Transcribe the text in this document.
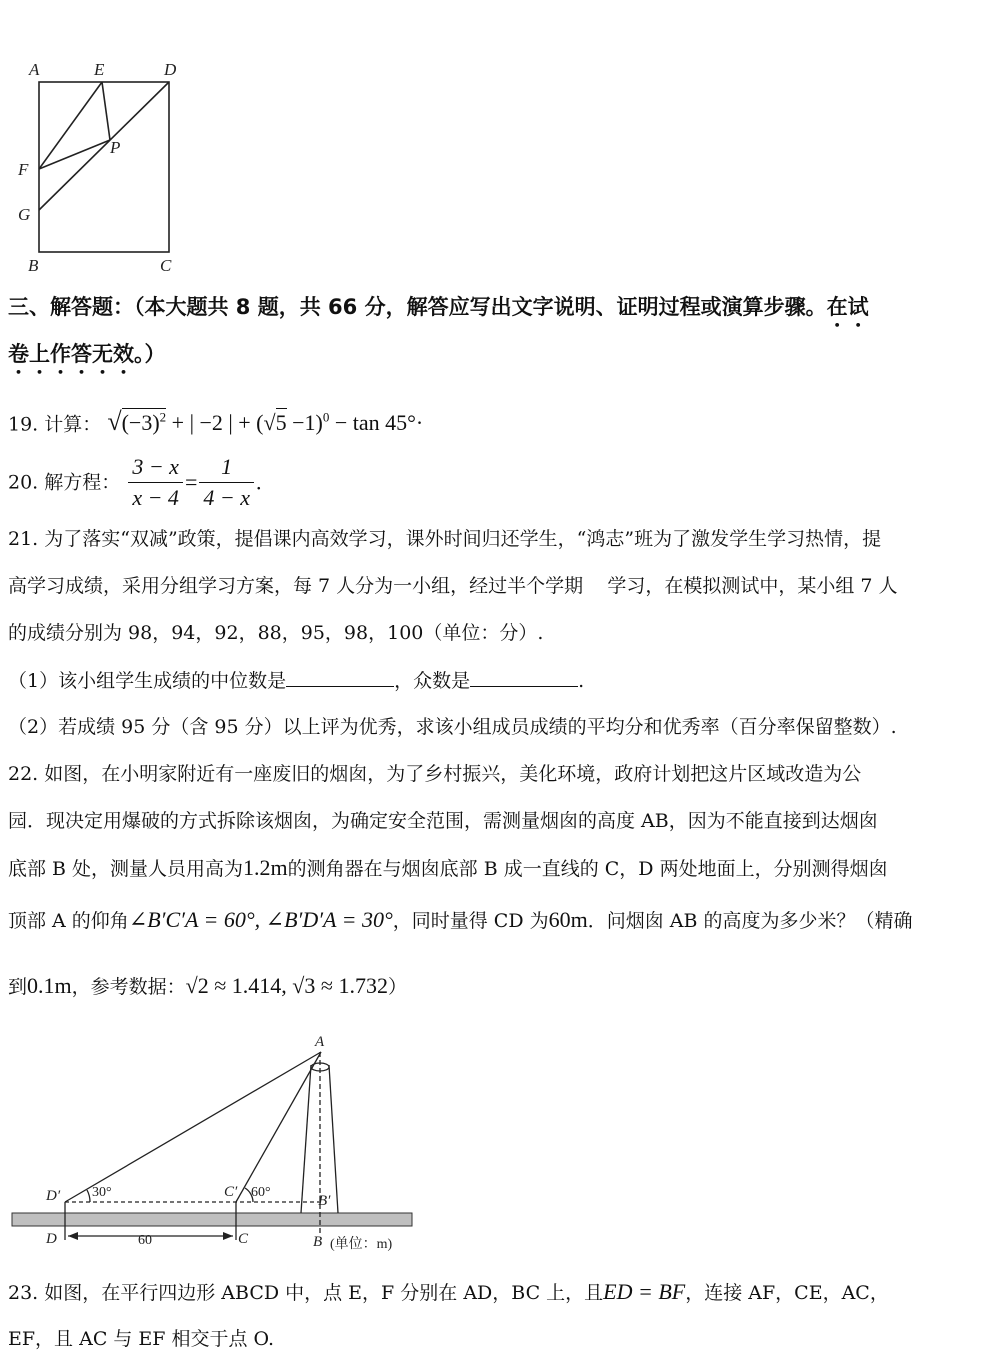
A	E	D
F
P
G
B	C
三、解答题：（本大题共 8 题，共 66 分，解答应写出文字说明、证明过程或演算步骤。在试
卷上作答无效。）
19. 计算： $√(-3)^2$ + | −2 | + $(√5 -1)^0 - \tan 45^\circ\cdot$
20. 解方程： $\frac{3 - x}{x - 4} = \frac{1}{4 - x}$ .
21. 为了落实“双减”政策，提倡课内高效学习，课外时间归还学生，“鸿志”班为了激发学生学习热情，提
高学习成绩，采用分组学习方案，每 7 人分为一小组，经过半个学期 学习，在模拟测试中，某小组 7 人
的成绩分别为 98，94，92，88，95，98，100（单位：分）.
（1）该小组学生成绩的中位数是	，众数是	.
（2）若成绩 95 分（含 95 分）以上评为优秀，求该小组成员成绩的平均分和优秀率（百分率保留整数）.
22. 如图，在小明家附近有一座废旧的烟囱，为了乡村振兴，美化环境，政府计划把这片区域改造为公
园．现决定用爆破的方式拆除该烟囱，为确定安全范围，需测量烟囱的高度 AB，因为不能直接到达烟囱
底部 B 处，测量人员用高为1.2m的测角器在与烟囱底部 B 成一直线的 C，D 两处地面上，分别测得烟囱
顶部 A 的仰角∠B′C′A = 60°, ∠B′D′A = 30°，同时量得 CD 为60m．问烟囱 AB 的高度为多少米？（精确
到0.1m，参考数据：√2 ≈ 1.414, √3 ≈ 1.732）
A
D′	C′
B′
D	C	B
30°	60°
60	(单位：m)
23. 如图，在平行四边形 ABCD 中，点 E，F 分别在 AD，BC 上，且ED = BF，连接 AF，CE，AC，
EF，且 AC 与 EF 相交于点 O.
